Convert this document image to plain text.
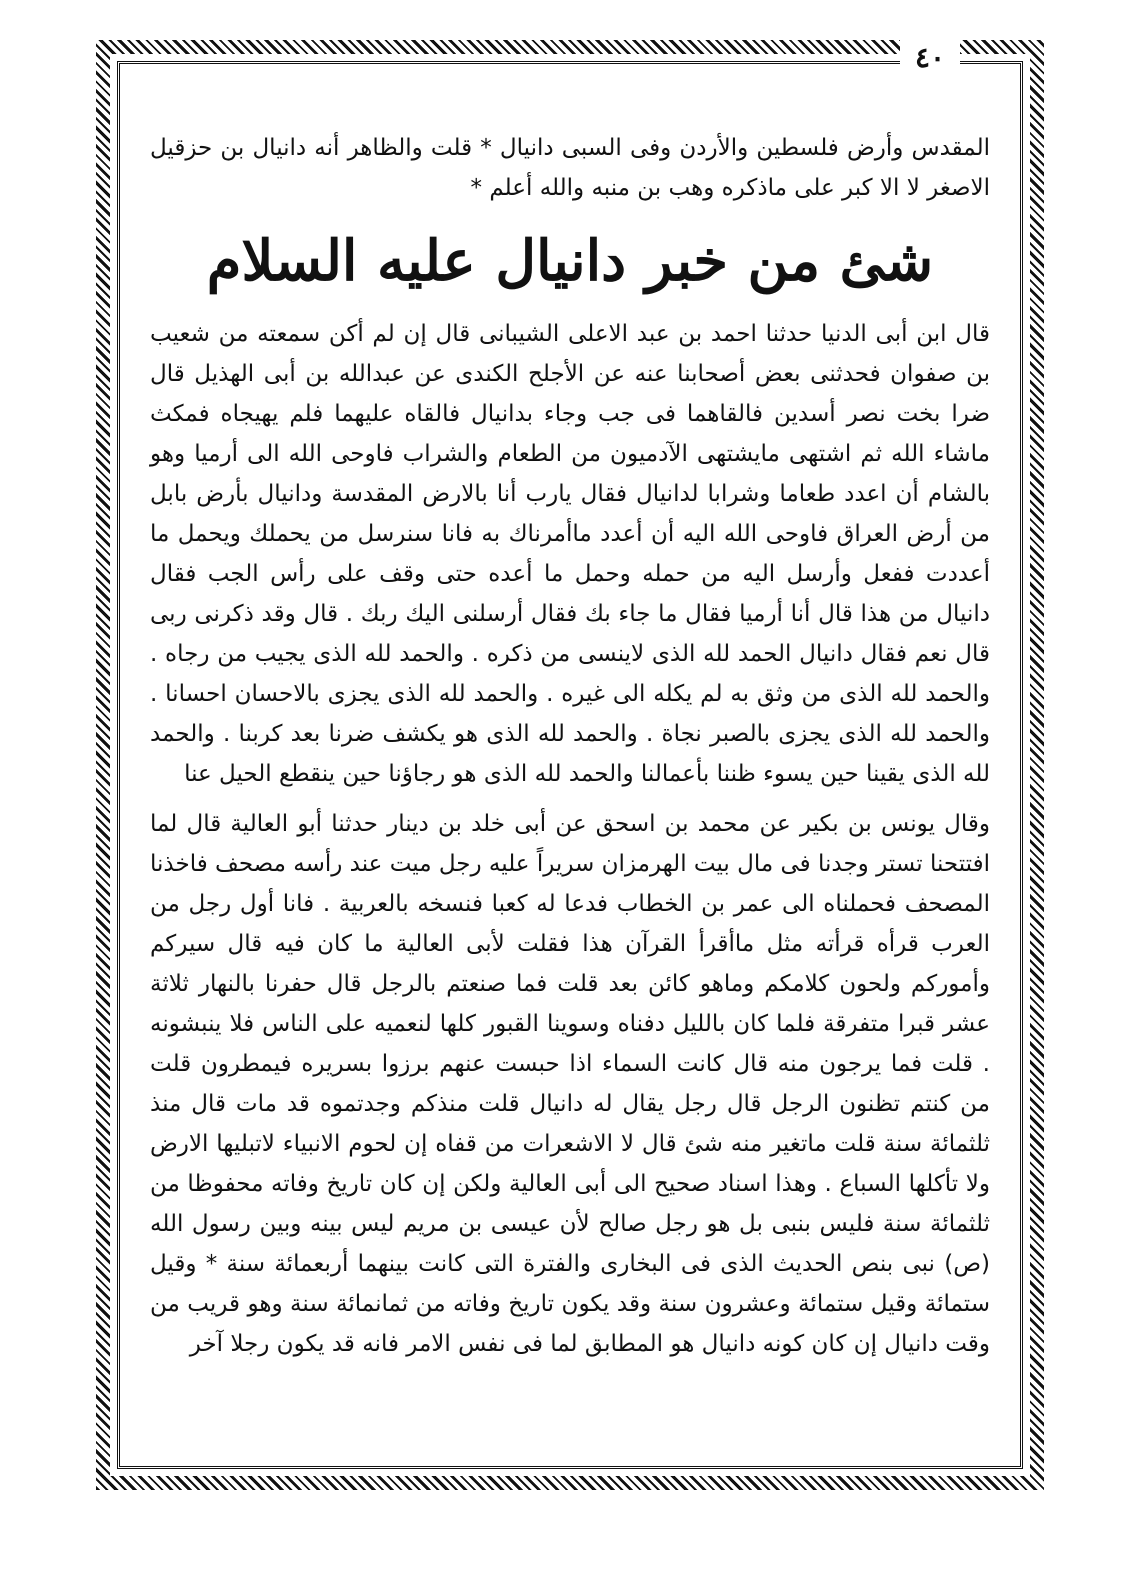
٤٠

المقدس وأرض فلسطين والأردن وفى السبى دانيال * قلت والظاهر أنه دانيال بن حزقيل الاصغر لا الا كبر على ماذكره وهب بن منبه والله أعلم *

شئ من خبر دانيال عليه السلام

قال ابن أبى الدنيا حدثنا احمد بن عبد الاعلى الشيبانى قال إن لم أكن سمعته من شعيب بن صفوان فحدثنى بعض أصحابنا عنه عن الأجلح الكندى عن عبدالله بن أبى الهذيل قال ضرا بخت نصر أسدين فالقاهما فى جب وجاء بدانيال فالقاه عليهما فلم يهيجاه فمكث ماشاء الله ثم اشتهى مايشتهى الآدميون من الطعام والشراب فاوحى الله الى أرميا وهو بالشام أن اعدد طعاما وشرابا لدانيال فقال يارب أنا بالارض المقدسة ودانيال بأرض بابل من أرض العراق فاوحى الله اليه أن أعدد ماأمرناك به فانا سنرسل من يحملك ويحمل ما أعددت ففعل وأرسل اليه من حمله وحمل ما أعده حتى وقف على رأس الجب فقال دانيال من هذا قال أنا أرميا فقال ما جاء بك فقال أرسلنى اليك ربك . قال وقد ذكرنى ربى قال نعم فقال دانيال الحمد لله الذى لاينسى من ذكره . والحمد لله الذى يجيب من رجاه . والحمد لله الذى من وثق به لم يكله الى غيره . والحمد لله الذى يجزى بالاحسان احسانا . والحمد لله الذى يجزى بالصبر نجاة . والحمد لله الذى هو يكشف ضرنا بعد كربنا . والحمد لله الذى يقينا حين يسوء ظننا بأعمالنا والحمد لله الذى هو رجاؤنا حين ينقطع الحيل عنا

وقال يونس بن بكير عن محمد بن اسحق عن أبى خلد بن دينار حدثنا أبو العالية قال لما افتتحنا تستر وجدنا فى مال بيت الهرمزان سريراً عليه رجل ميت عند رأسه مصحف فاخذنا المصحف فحملناه الى عمر بن الخطاب فدعا له كعبا فنسخه بالعربية . فانا أول رجل من العرب قرأه قرأته مثل ماأقرأ القرآن هذا فقلت لأبى العالية ما كان فيه قال سيركم وأموركم ولحون كلامكم وماهو كائن بعد قلت فما صنعتم بالرجل قال حفرنا بالنهار ثلاثة عشر قبرا متفرقة فلما كان بالليل دفناه وسوينا القبور كلها لنعميه على الناس فلا ينبشونه . قلت فما يرجون منه قال كانت السماء اذا حبست عنهم برزوا بسريره فيمطرون قلت من كنتم تظنون الرجل قال رجل يقال له دانيال قلت منذكم وجدتموه قد مات قال منذ ثلثمائة سنة قلت ماتغير منه شئ قال لا الاشعرات من قفاه إن لحوم الانبياء لاتبليها الارض ولا تأكلها السباع . وهذا اسناد صحيح الى أبى العالية ولكن إن كان تاريخ وفاته محفوظا من ثلثمائة سنة فليس بنبى بل هو رجل صالح لأن عيسى بن مريم ليس بينه وبين رسول الله (ص) نبى بنص الحديث الذى فى البخارى والفترة التى كانت بينهما أربعمائة سنة * وقيل ستمائة وقيل ستمائة وعشرون سنة وقد يكون تاريخ وفاته من ثمانمائة سنة وهو قريب من وقت دانيال إن كان كونه دانيال هو المطابق لما فى نفس الامر فانه قد يكون رجلا آخر
